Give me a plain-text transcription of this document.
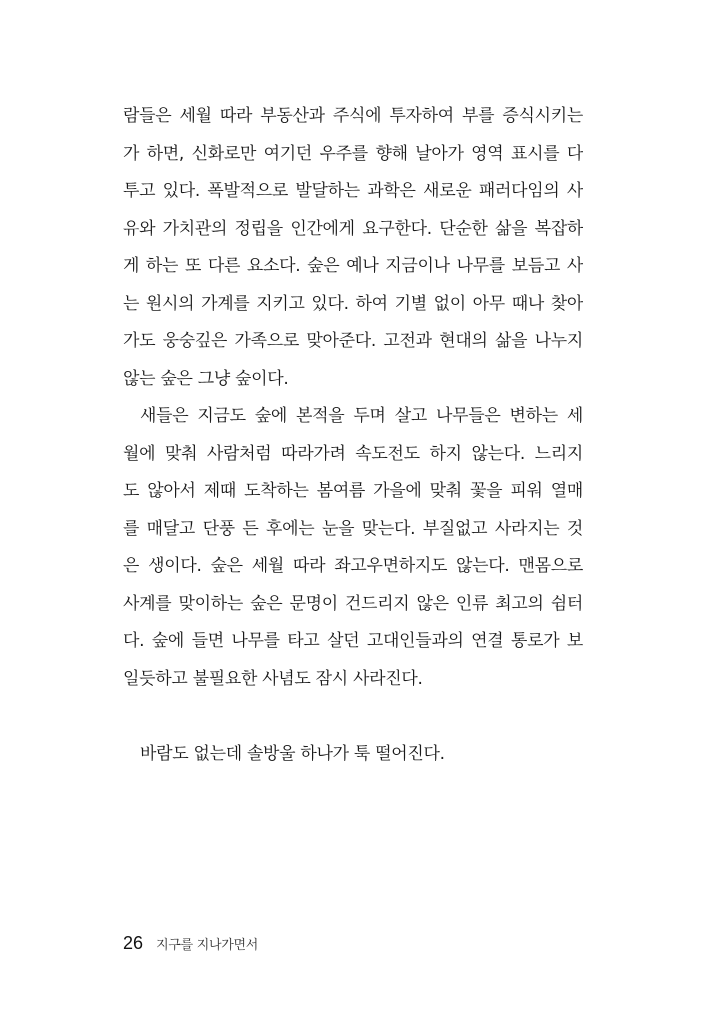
람들은 세월 따라 부동산과 주식에 투자하여 부를 증식시키는
가 하면, 신화로만 여기던 우주를 향해 날아가 영역 표시를 다
투고 있다. 폭발적으로 발달하는 과학은 새로운 패러다임의 사
유와 가치관의 정립을 인간에게 요구한다. 단순한 삶을 복잡하
게 하는 또 다른 요소다. 숲은 예나 지금이나 나무를 보듬고 사
는 원시의 가계를 지키고 있다. 하여 기별 없이 아무 때나 찾아
가도 웅숭깊은 가족으로 맞아준다. 고전과 현대의 삶을 나누지
않는 숲은 그냥 숲이다.
새들은 지금도 숲에 본적을 두며 살고 나무들은 변하는 세
월에 맞춰 사람처럼 따라가려 속도전도 하지 않는다. 느리지
도 않아서 제때 도착하는 봄여름 가을에 맞춰 꽃을 피워 열매
를 매달고 단풍 든 후에는 눈을 맞는다. 부질없고 사라지는 것
은 생이다. 숲은 세월 따라 좌고우면하지도 않는다. 맨몸으로
사계를 맞이하는 숲은 문명이 건드리지 않은 인류 최고의 쉼터
다. 숲에 들면 나무를 타고 살던 고대인들과의 연결 통로가 보
일듯하고 불필요한 사념도 잠시 사라진다.
바람도 없는데 솔방울 하나가 툭 떨어진다.
26 지구를 지나가면서
